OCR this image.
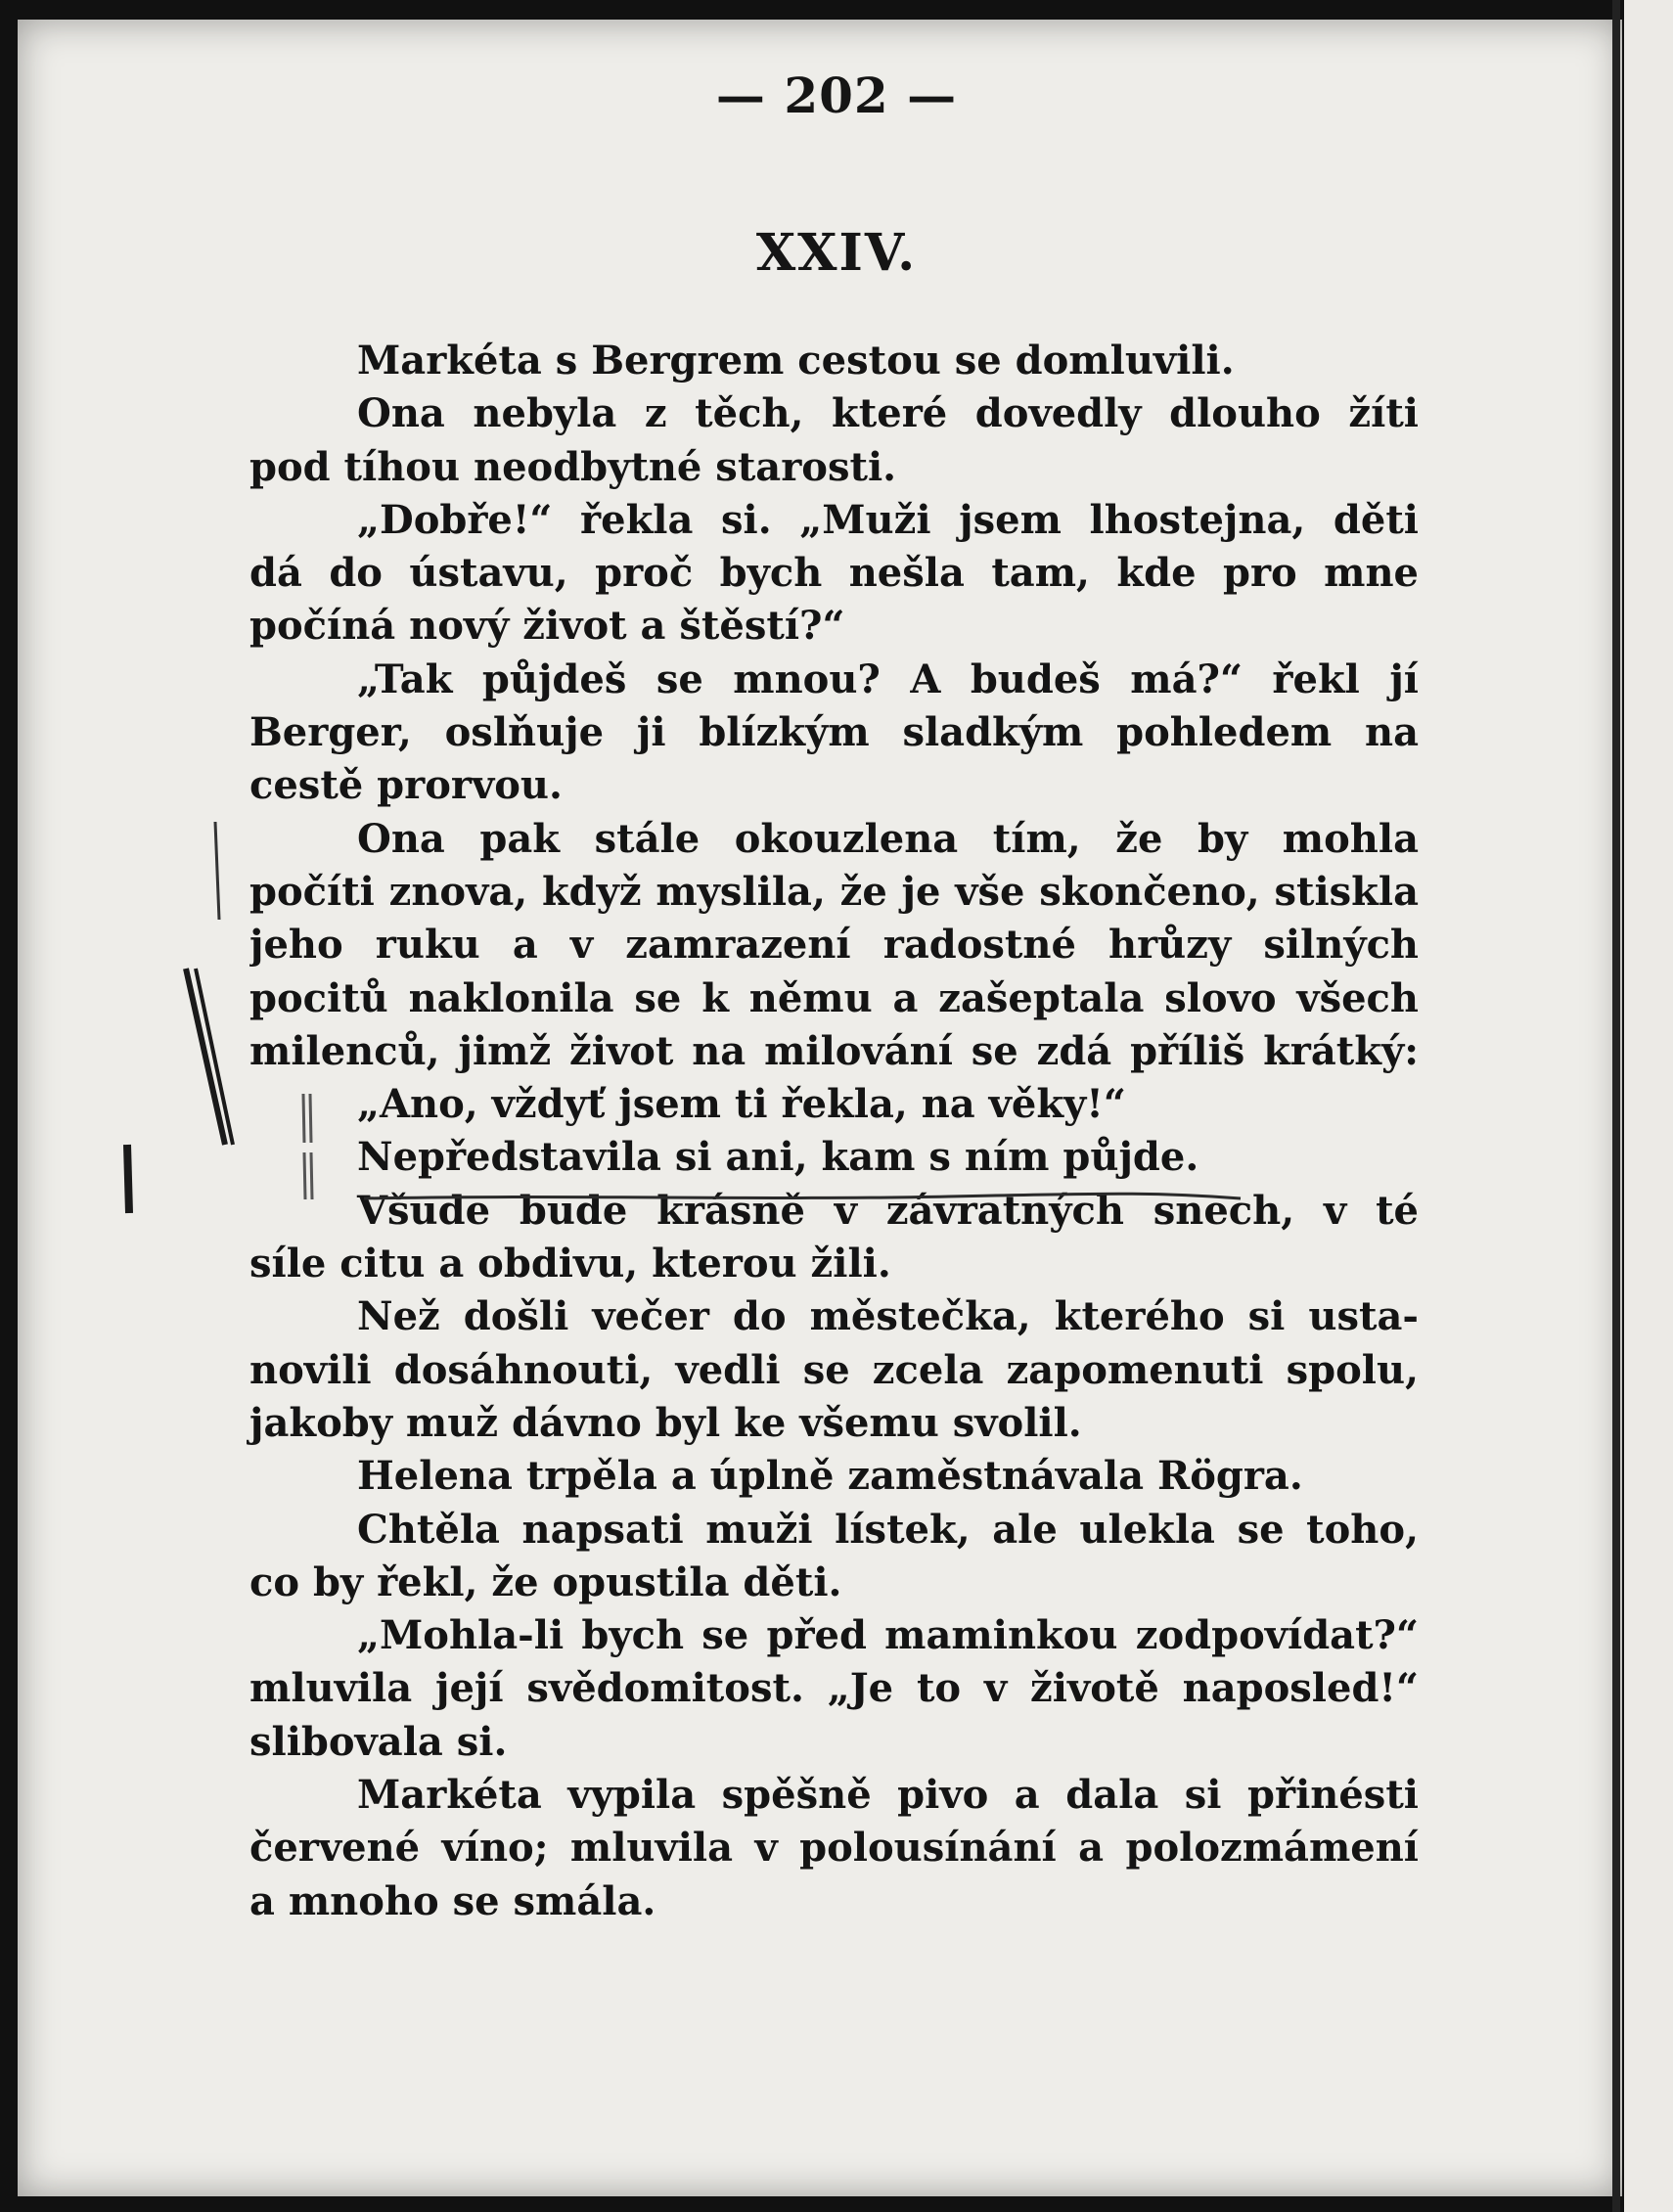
— 202 —
XXIV.
Markéta s Bergrem cestou se domluvili.
Ona nebyla z těch, které dovedly dlouho žíti
pod tíhou neodbytné starosti.
„Dobře!“ řekla si. „Muži jsem lhostejna, děti
dá do ústavu, proč bych nešla tam, kde pro mne
počíná nový život a štěstí?“
„Tak půjdeš se mnou? A budeš má?“ řekl jí
Berger, oslňuje ji blízkým sladkým pohledem na
cestě prorvou.
Ona pak stále okouzlena tím, že by mohla
počíti znova, když myslila, že je vše skončeno, stiskla
jeho ruku a v zamrazení radostné hrůzy silných
pocitů naklonila se k němu a zašeptala slovo všech
milenců, jimž život na milování se zdá příliš krátký:
„Ano, vždyť jsem ti řekla, na věky!“
Nepředstavila si ani, kam s ním půjde.
Všude bude krásně v závratných snech, v té
síle citu a obdivu, kterou žili.
Než došli večer do městečka, kterého si usta-
novili dosáhnouti, vedli se zcela zapomenuti spolu,
jakoby muž dávno byl ke všemu svolil.
Helena trpěla a úplně zaměstnávala Rögra.
Chtěla napsati muži lístek, ale ulekla se toho,
co by řekl, že opustila děti.
„Mohla-li bych se před maminkou zodpovídat?“
mluvila její svědomitost. „Je to v životě naposled!“
slibovala si.
Markéta vypila spěšně pivo a dala si přinésti
červené víno; mluvila v polousínání a polozmámení
a mnoho se smála.
